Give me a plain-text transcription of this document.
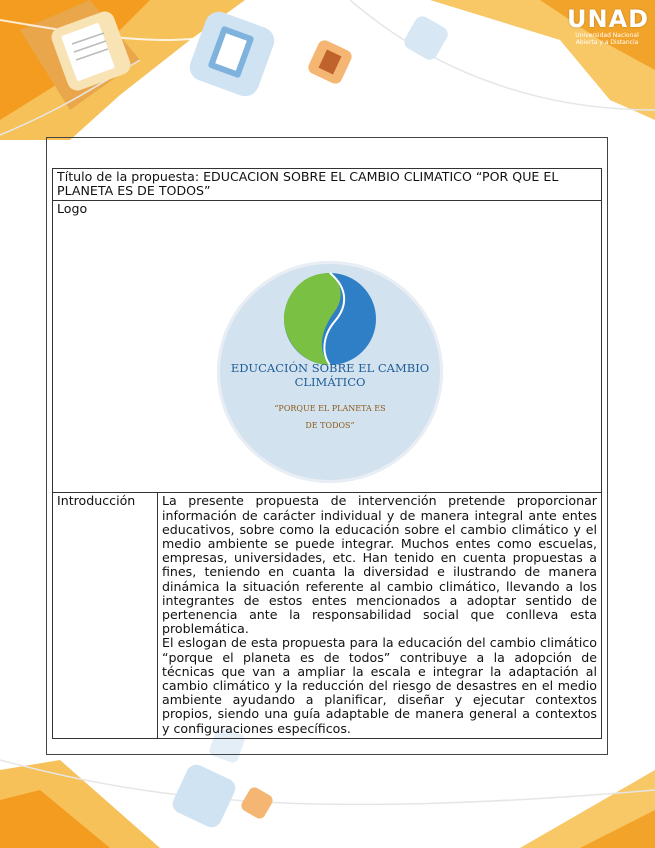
UNAD
Universidad Nacional
Abierta y a Distancia
Título de la propuesta: EDUCACION SOBRE EL CAMBIO CLIMATICO “POR QUE EL PLANETA ES DE TODOS”
Logo
EDUCACIÓN SOBRE EL CAMBIO
CLIMÁTICO
“PORQUE EL PLANETA ES
DE TODOS”

Introducción	La presente propuesta de intervención pretende proporcionar información de carácter individual y de manera integral ante entes educativos, sobre como la educación sobre el cambio climático y el medio ambiente se puede integrar. Muchos entes como escuelas, empresas, universidades, etc. Han tenido en cuenta propuestas a fines, teniendo en cuanta la diversidad e ilustrando de manera dinámica la situación referente al cambio climático, llevando a los integrantes de estos entes mencionados a adoptar sentido de pertenencia ante la responsabilidad social que conlleva esta problemática.

El eslogan de esta propuesta para la educación del cambio climático “porque el planeta es de todos” contribuye a la adopción de técnicas que van a ampliar la escala e integrar la adaptación al cambio climático y la reducción del riesgo de desastres en el medio ambiente ayudando a planificar, diseñar y ejecutar contextos propios, siendo una guía adaptable de manera general a contextos y configuraciones específicos.
